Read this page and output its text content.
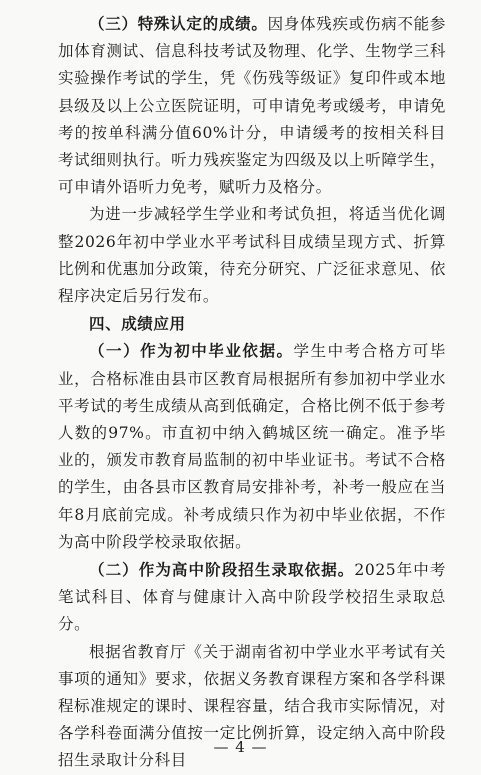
（三）特殊认定的成绩。因身体残疾或伤病不能参加体育测试、信息科技考试及物理、化学、生物学三科实验操作考试的学生，凭《伤残等级证》复印件或本地县级及以上公立医院证明，可申请免考或缓考，申请免考的按单科满分值60%计分，申请缓考的按相关科目考试细则执行。听力残疾鉴定为四级及以上听障学生，可申请外语听力免考，赋听力及格分。

为进一步减轻学生学业和考试负担，将适当优化调整2026年初中学业水平考试科目成绩呈现方式、折算比例和优惠加分政策，待充分研究、广泛征求意见、依程序决定后另行发布。

四、成绩应用

（一）作为初中毕业依据。学生中考合格方可毕业，合格标准由县市区教育局根据所有参加初中学业水平考试的考生成绩从高到低确定，合格比例不低于参考人数的97%。市直初中纳入鹤城区统一确定。准予毕业的，颁发市教育局监制的初中毕业证书。考试不合格的学生，由各县市区教育局安排补考，补考一般应在当年8月底前完成。补考成绩只作为初中毕业依据，不作为高中阶段学校录取依据。

（二）作为高中阶段招生录取依据。2025年中考笔试科目、体育与健康计入高中阶段学校招生录取总分。

根据省教育厅《关于湖南省初中学业水平考试有关事项的通知》要求，依据义务教育课程方案和各学科课程标准规定的课时、课程容量，结合我市实际情况，对各学科卷面满分值按一定比例折算，设定纳入高中阶段招生录取计分科目

— 4 —
